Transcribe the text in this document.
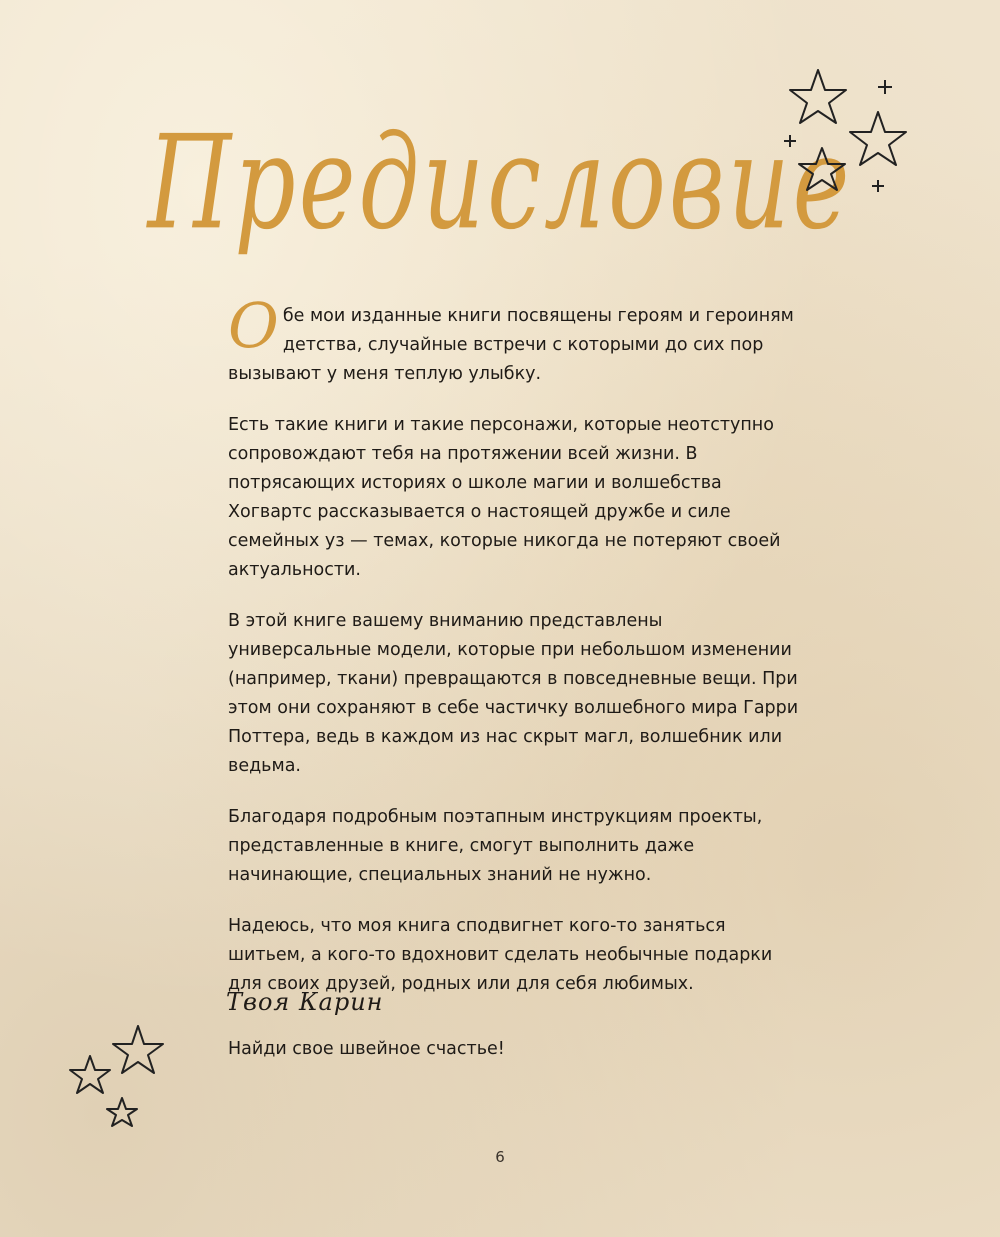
Предисловие

Обе мои изданные книги посвящены героям и героиням детства, случайные встречи с которыми до сих пор вызывают у меня теплую улыбку.

Есть такие книги и такие персонажи, которые неотступно сопровождают тебя на протяжении всей жизни. В потрясающих историях о школе магии и волшебства Хогвартс рассказывается о настоящей дружбе и силе семейных уз — темах, которые никогда не потеряют своей актуальности.

В этой книге вашему вниманию представлены универсальные модели, которые при небольшом изменении (например, ткани) превращаются в повседневные вещи. При этом они сохраняют в себе частичку волшебного мира Гарри Поттера, ведь в каждом из нас скрыт магл, волшебник или ведьма.

Благодаря подробным поэтапным инструкциям проекты, представленные в книге, смогут выполнить даже начинающие, специальных знаний не нужно.

Надеюсь, что моя книга сподвигнет кого-то заняться шитьем, а кого-то вдохновит сделать необычные подарки для своих друзей, родных или для себя любимых.

Найди свое швейное счастье!

Твоя Карин
6
